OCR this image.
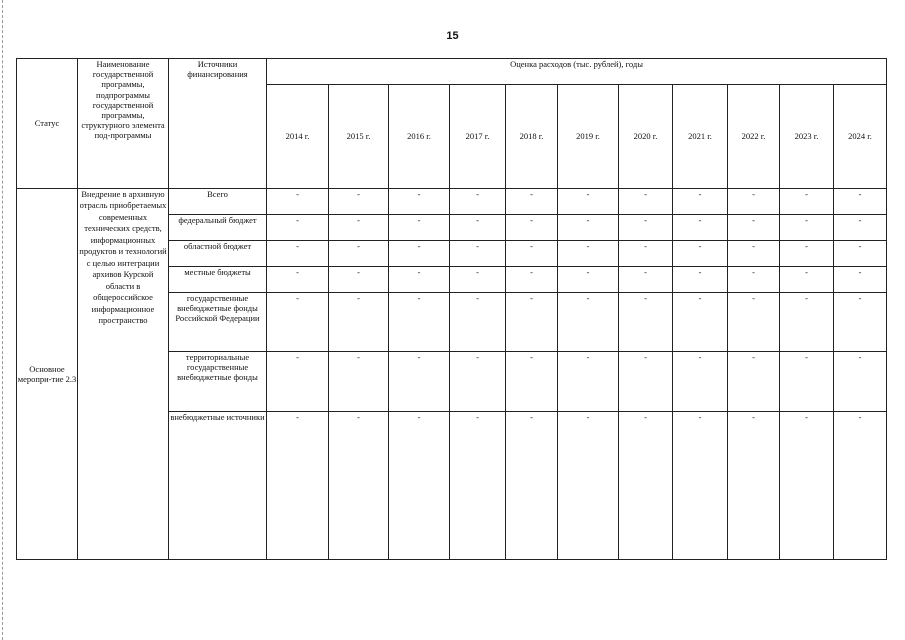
15
Статус	Наименование государственной программы, подпрограммы государственной программы, структурного элемента под-программы	Источники финансирования	Оценка расходов (тыс. рублей), годы										
			2014 г.	2015 г.	2016 г.	2017 г.	2018 г.	2019 г.	2020 г.	2021 г.	2022 г.	2023 г.	2024 г.
Основное меропри-тие 2.3	Внедрение в архивную отрасль приобретаемых современных технических средств, информационных продуктов и технологий с целью интеграции архивов Курской области в общероссийское информационное пространство	Всего	-	-	-	-	-	-	-	-	-	-	-
		федеральный бюджет	-	-	-	-	-	-	-	-	-	-	-
		областной бюджет	-	-	-	-	-	-	-	-	-	-	-
		местные бюджеты	-	-	-	-	-	-	-	-	-	-	-
		государственные внебюджетные фонды Российской Федерации	-	-	-	-	-	-	-	-	-	-	-
		территориальные государственные внебюджетные фонды	-	-	-	-	-	-	-	-	-	-	-
		внебюджетные источники	-	-	-	-	-	-	-	-	-	-	-
